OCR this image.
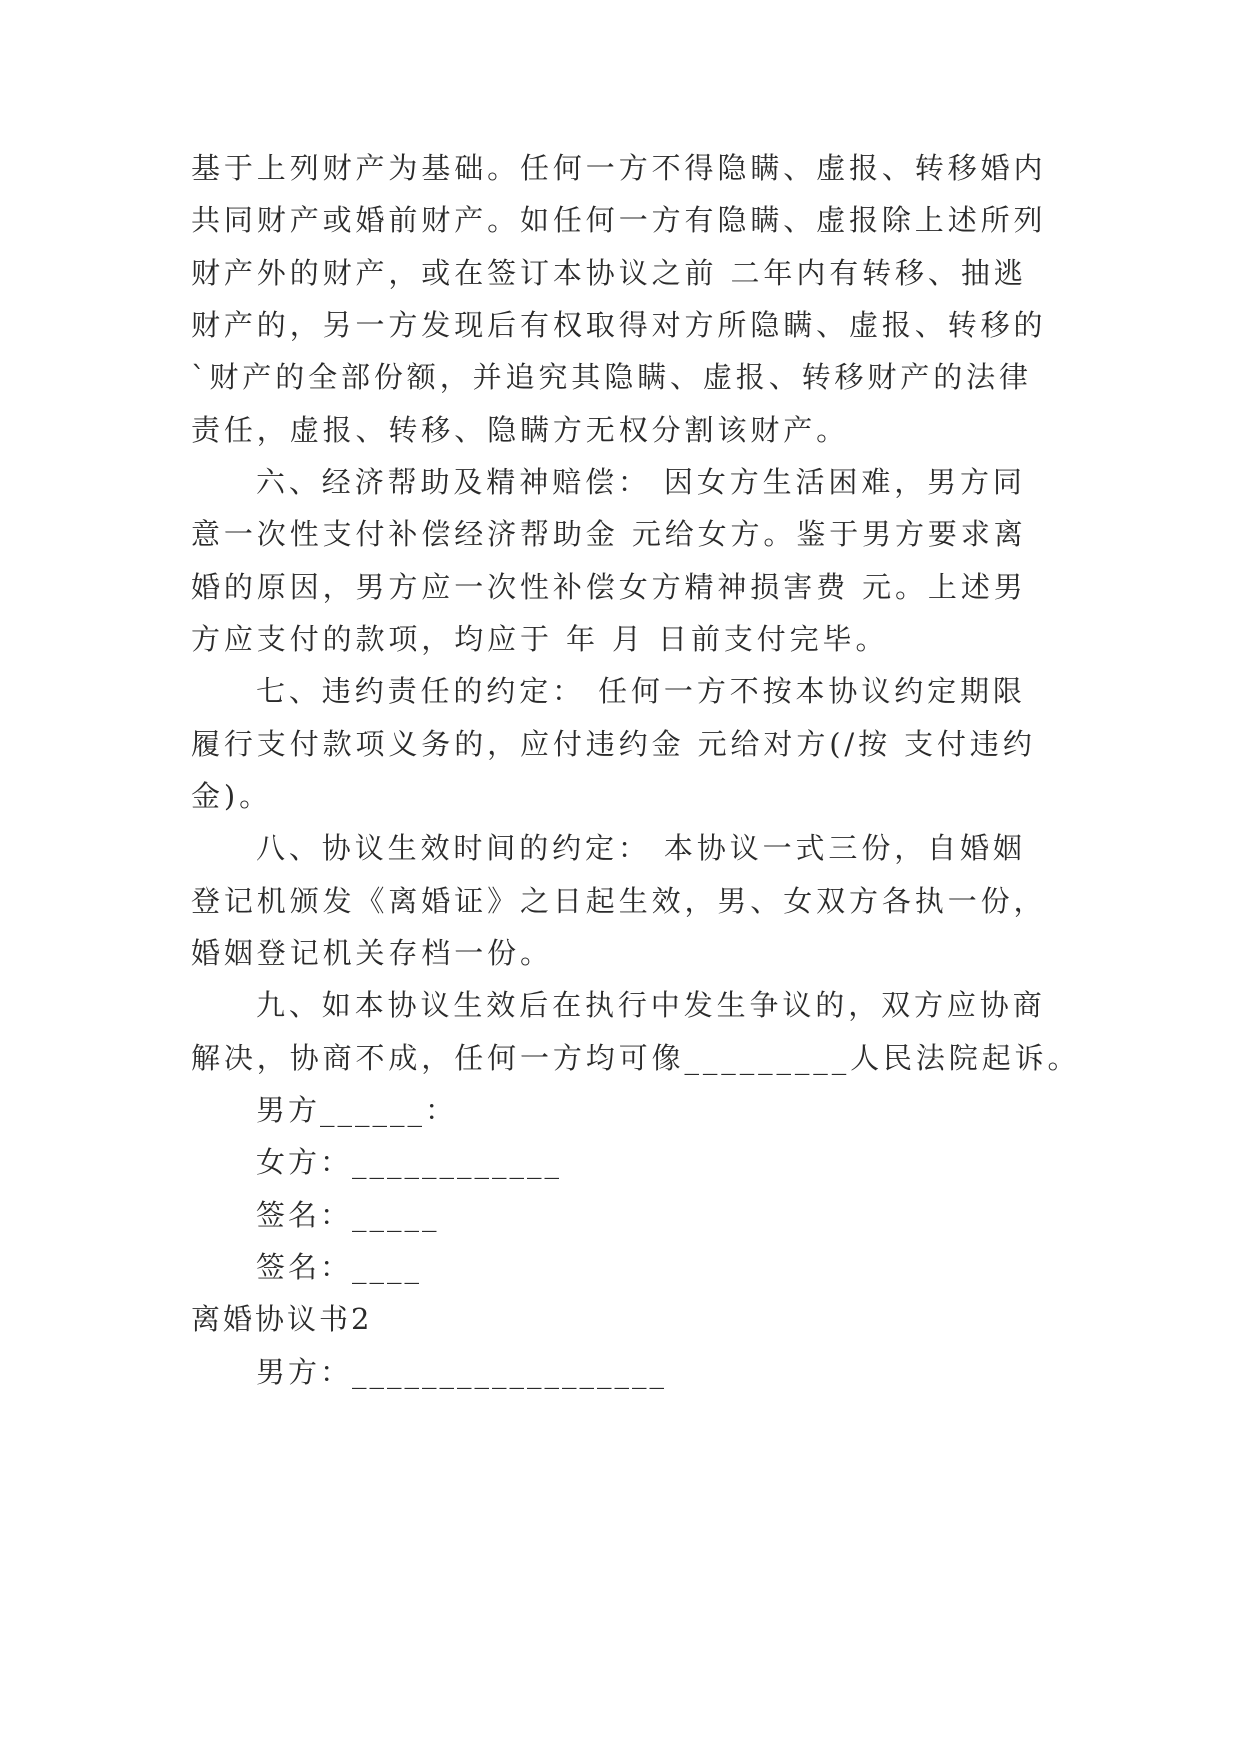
基于上列财产为基础。任何一方不得隐瞒、虚报、转移婚内
共同财产或婚前财产。如任何一方有隐瞒、虚报除上述所列
财产外的财产，或在签订本协议之前 二年内有转移、抽逃
财产的，另一方发现后有权取得对方所隐瞒、虚报、转移的
`财产的全部份额，并追究其隐瞒、虚报、转移财产的法律
责任，虚报、转移、隐瞒方无权分割该财产。
六、经济帮助及精神赔偿： 因女方生活困难，男方同
意一次性支付补偿经济帮助金 元给女方。鉴于男方要求离
婚的原因，男方应一次性补偿女方精神损害费 元。上述男
方应支付的款项，均应于 年 月 日前支付完毕。
七、违约责任的约定： 任何一方不按本协议约定期限
履行支付款项义务的，应付违约金 元给对方(/按 支付违约
金)。
八、协议生效时间的约定： 本协议一式三份，自婚姻
登记机颁发《离婚证》之日起生效，男、女双方各执一份，
婚姻登记机关存档一份。
九、如本协议生效后在执行中发生争议的，双方应协商
解决，协商不成，任何一方均可像_________人民法院起诉。
男方______：
女方：____________
签名：_____
签名：____
离婚协议书2
男方：__________________
